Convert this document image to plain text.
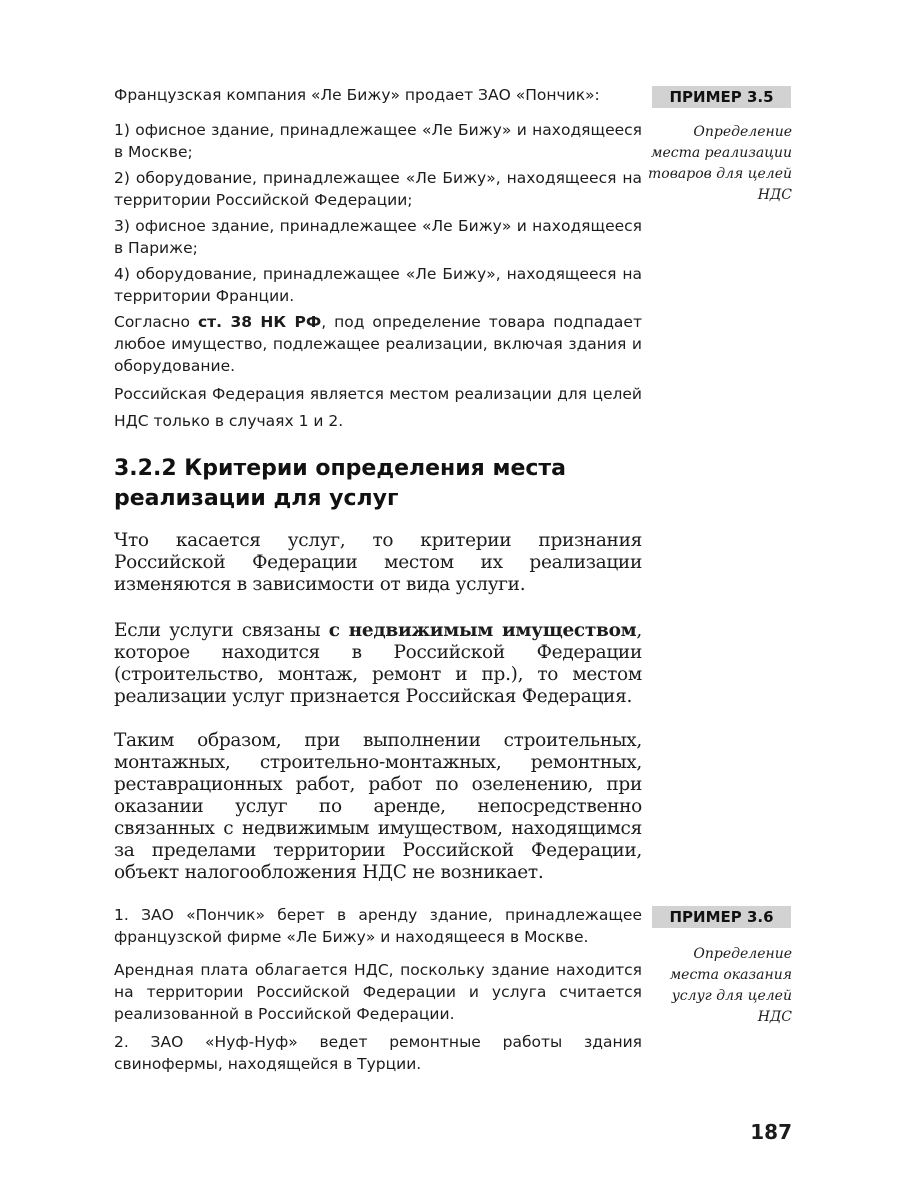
Французская компания «Ле Бижу» продает ЗАО «Пончик»:

1) офисное здание, принадлежащее «Ле Бижу» и находящееся в Москве;

2) оборудование, принадлежащее «Ле Бижу», находящееся на территории Российской Федерации;

3) офисное здание, принадлежащее «Ле Бижу» и находящееся в Париже;

4) оборудование, принадлежащее «Ле Бижу», находящееся на территории Франции.

Согласно ст. 38 НК РФ, под определение товара подпадает любое имущество, подлежащее реализации, включая здания и оборудование.

Российская Федерация является местом реализации для целей НДС только в случаях 1 и 2.

ПРИМЕР 3.5
Определение места реализации товаров для целей НДС
3.2.2 Критерии определения места реализации для услуг

Что касается услуг, то критерии признания Российской Федерации местом их реализации изменяются в зависимости от вида услуги.

Если услуги связаны с недвижимым имуществом, которое находится в Российской Федерации (строительство, монтаж, ремонт и пр.), то местом реализации услуг признается Российская Федерация.

Таким образом, при выполнении строительных, монтажных, строительно-монтажных, ремонтных, реставрационных работ, работ по озеленению, при оказании услуг по аренде, непосредственно связанных с недвижимым имуществом, находящимся за пределами территории Российской Федерации, объект налогообложения НДС не возникает.

1. ЗАО «Пончик» берет в аренду здание, принадлежащее французской фирме «Ле Бижу» и находящееся в Москве.

Арендная плата облагается НДС, поскольку здание находится на территории Российской Федерации и услуга считается реализованной в Российской Федерации.

2. ЗАО «Нуф-Нуф» ведет ремонтные работы здания свинофермы, находящейся в Турции.

ПРИМЕР 3.6
Определение места оказания услуг для целей НДС
187
